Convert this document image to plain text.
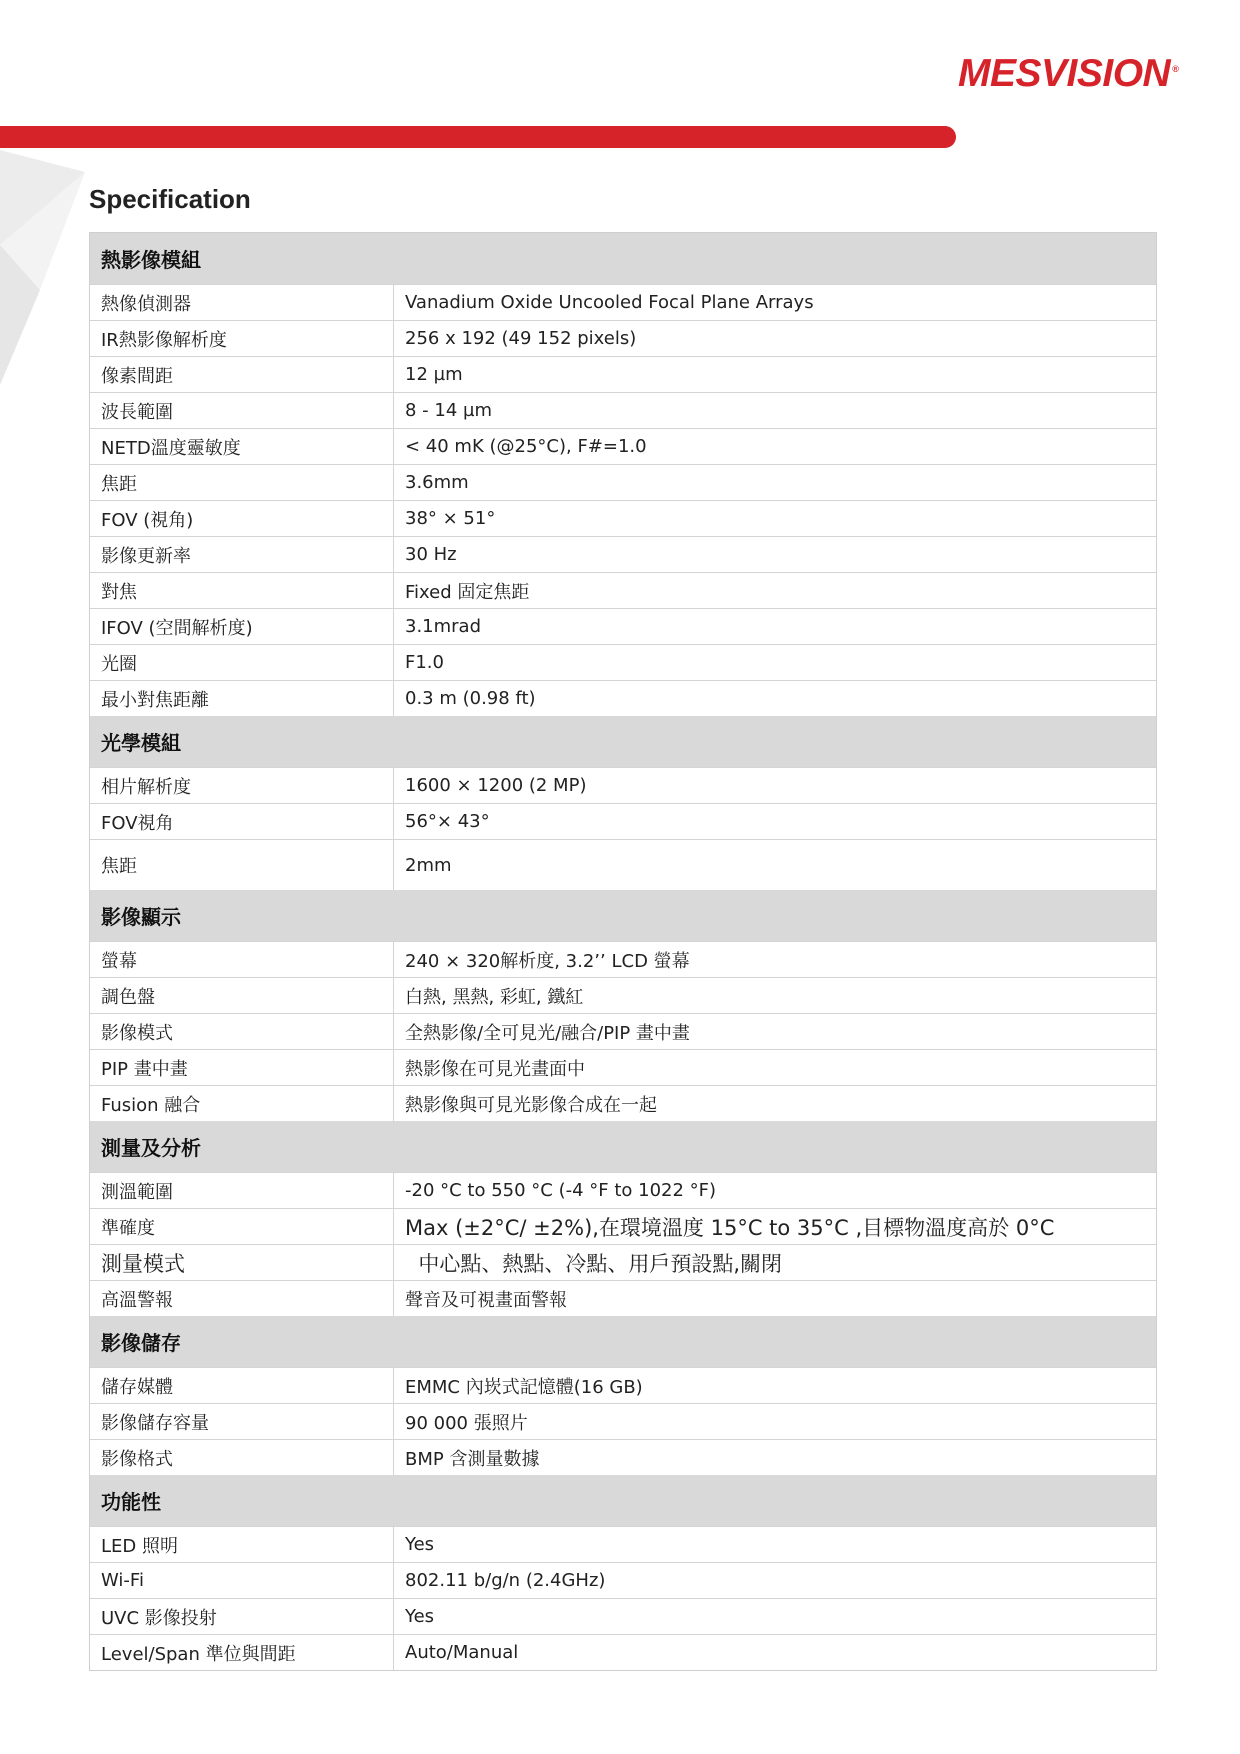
MESVISION ®
Specification
熱影像模組
熱像偵測器	Vanadium Oxide Uncooled Focal Plane Arrays
IR熱影像解析度	256 x 192 (49 152 pixels)
像素間距	12 µm
波長範圍	8 - 14 µm
NETD溫度靈敏度	< 40 mK (@25°C), F#=1.0
焦距	3.6mm
FOV (視角)	38° × 51°
影像更新率	30 Hz
對焦	Fixed 固定焦距
IFOV (空間解析度)	3.1mrad
光圈	F1.0
最小對焦距離	0.3 m (0.98 ft)
光學模組
相片解析度	1600 × 1200 (2 MP)
FOV視角	56°× 43°
焦距	2mm
影像顯示
螢幕	240 × 320解析度, 3.2’’ LCD 螢幕
調色盤	白熱, 黑熱, 彩虹, 鐵紅
影像模式	全熱影像/全可見光/融合/PIP 畫中畫
PIP 畫中畫	熱影像在可見光畫面中
Fusion 融合	熱影像與可見光影像合成在一起
測量及分析
測溫範圍	-20 °C to 550 °C (-4 °F to 1022 °F)
準確度	Max (±2°C/ ±2%),在環境溫度 15°C to 35°C ,目標物溫度高於 0°C
測量模式	中心點、熱點、冷點、用戶預設點,關閉
高溫警報	聲音及可視畫面警報
影像儲存
儲存媒體	EMMC 內崁式記憶體(16 GB)
影像儲存容量	90 000 張照片
影像格式	BMP 含測量數據
功能性
LED 照明	Yes
Wi-Fi	802.11 b/g/n (2.4GHz)
UVC 影像投射	Yes
Level/Span 準位與間距	Auto/Manual
